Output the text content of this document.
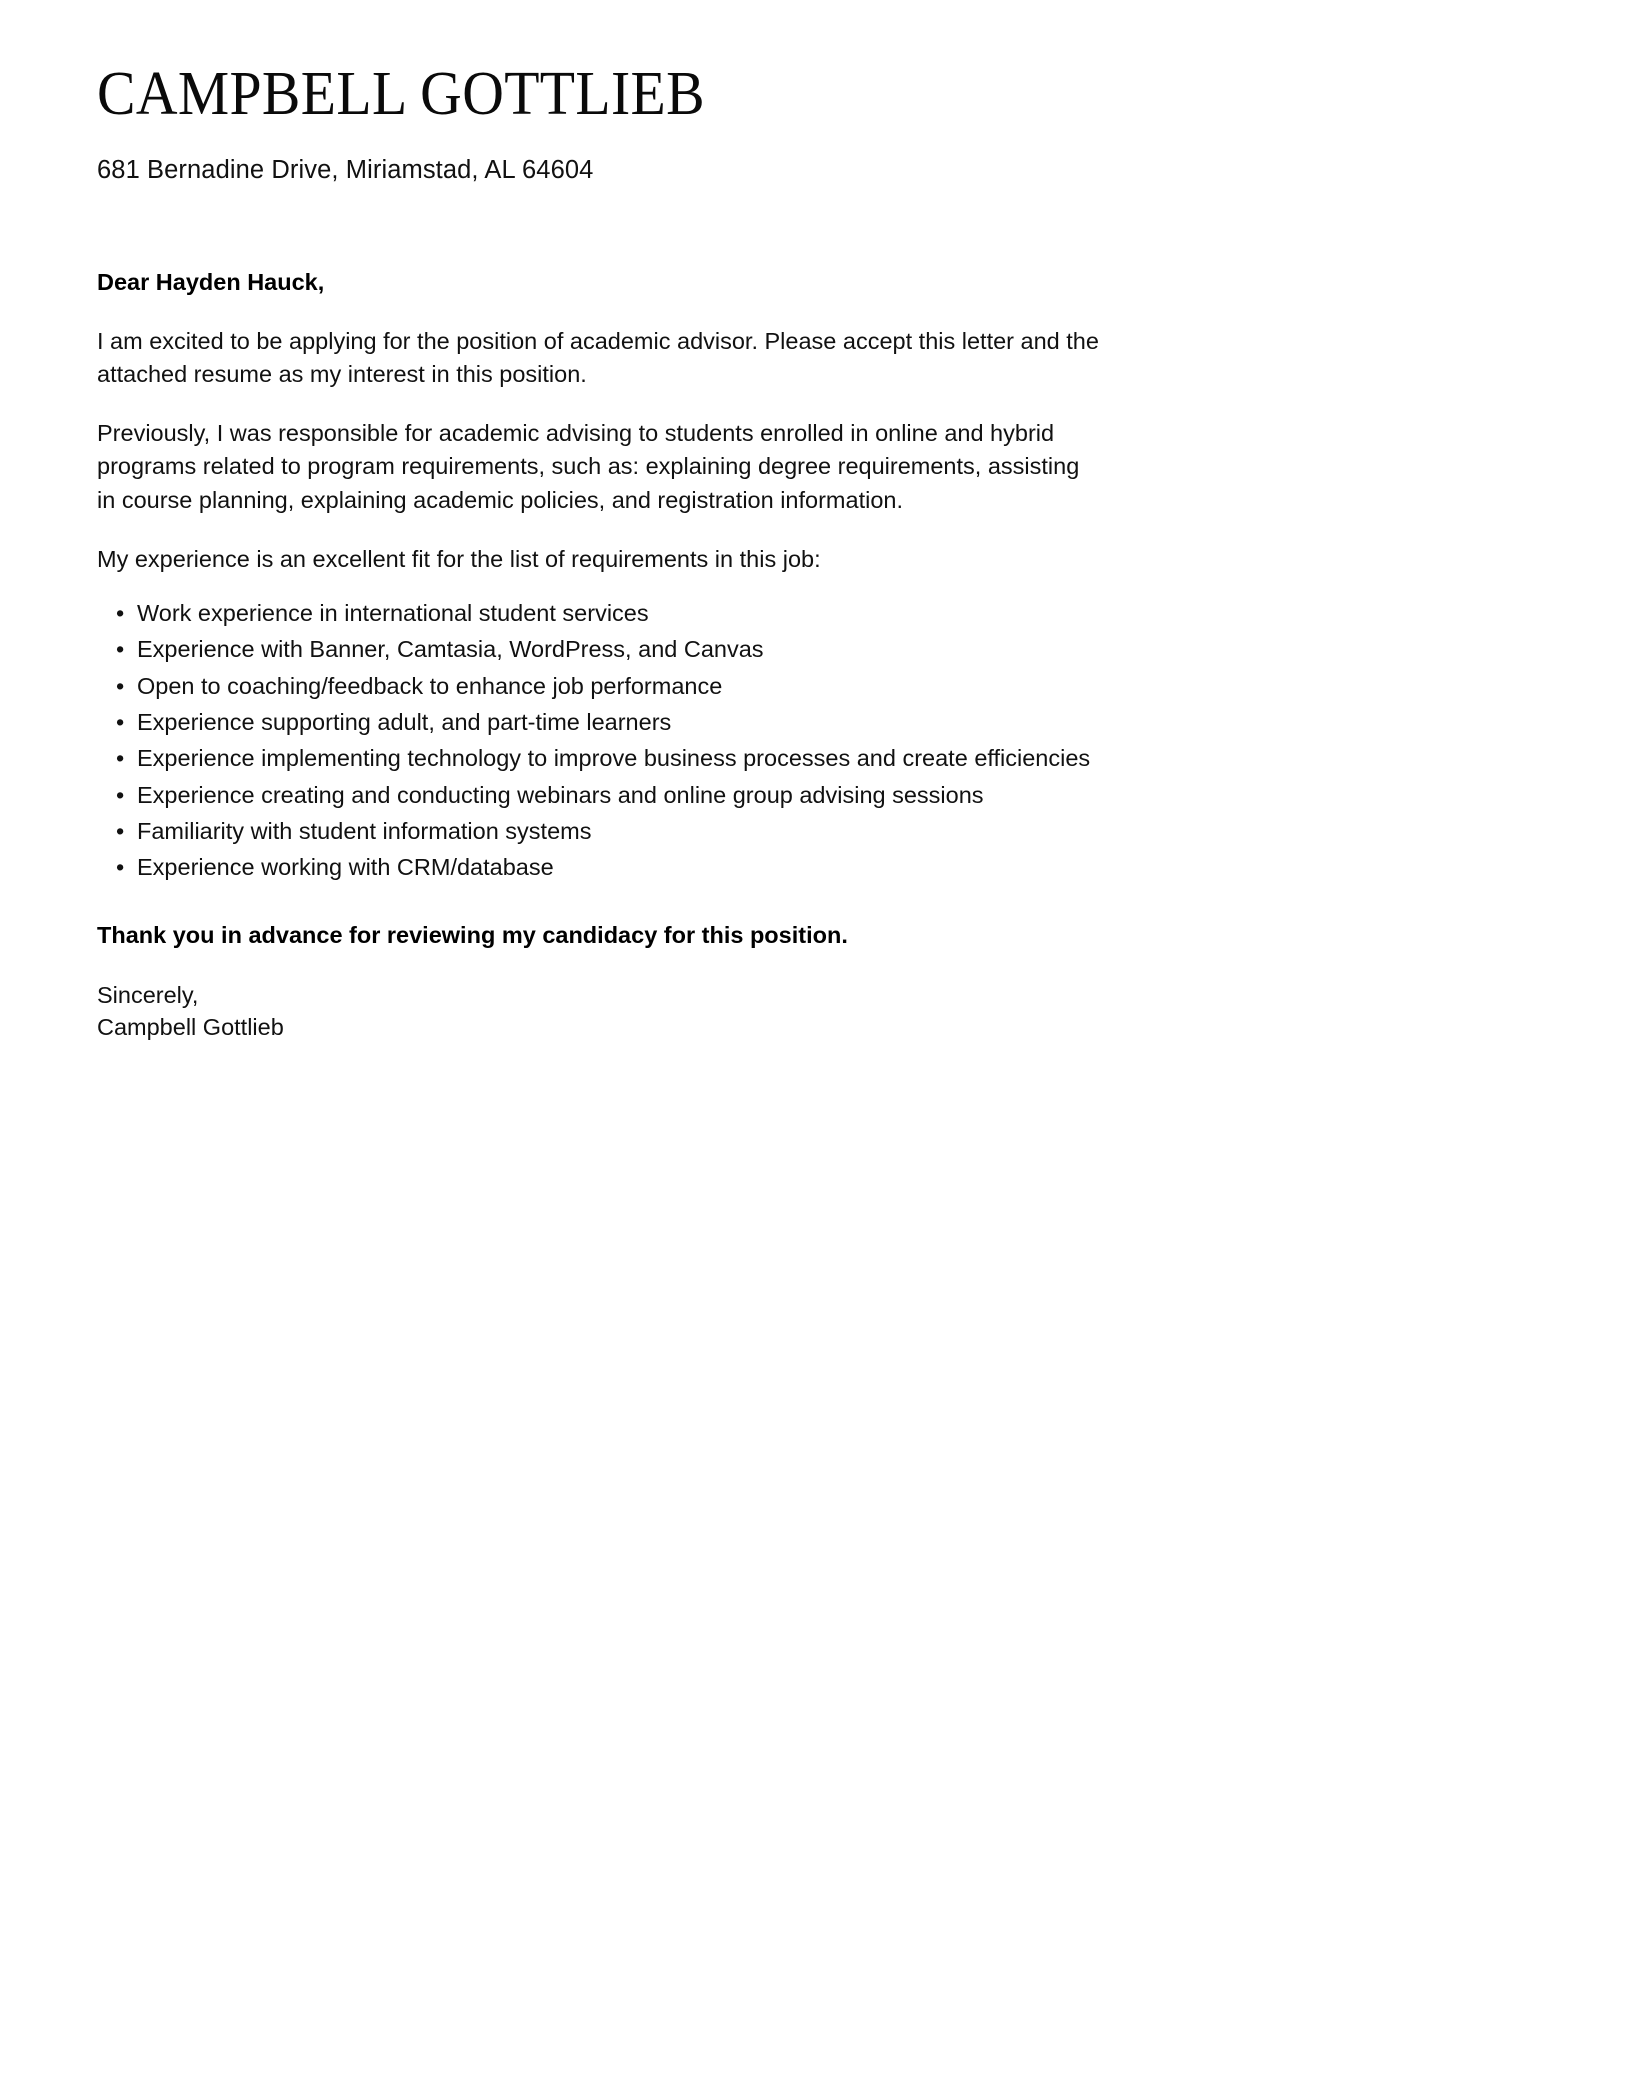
CAMPBELL GOTTLIEB

681 Bernadine Drive, Miriamstad, AL 64604

Dear Hayden Hauck,

I am excited to be applying for the position of academic advisor. Please accept this letter and the attached resume as my interest in this position.

Previously, I was responsible for academic advising to students enrolled in online and hybrid programs related to program requirements, such as: explaining degree requirements, assisting in course planning, explaining academic policies, and registration information.

My experience is an excellent fit for the list of requirements in this job:

• Work experience in international student services
• Experience with Banner, Camtasia, WordPress, and Canvas
• Open to coaching/feedback to enhance job performance
• Experience supporting adult, and part-time learners
• Experience implementing technology to improve business processes and create efficiencies
• Experience creating and conducting webinars and online group advising sessions
• Familiarity with student information systems
• Experience working with CRM/database

Thank you in advance for reviewing my candidacy for this position.

Sincerely,

Campbell Gottlieb
